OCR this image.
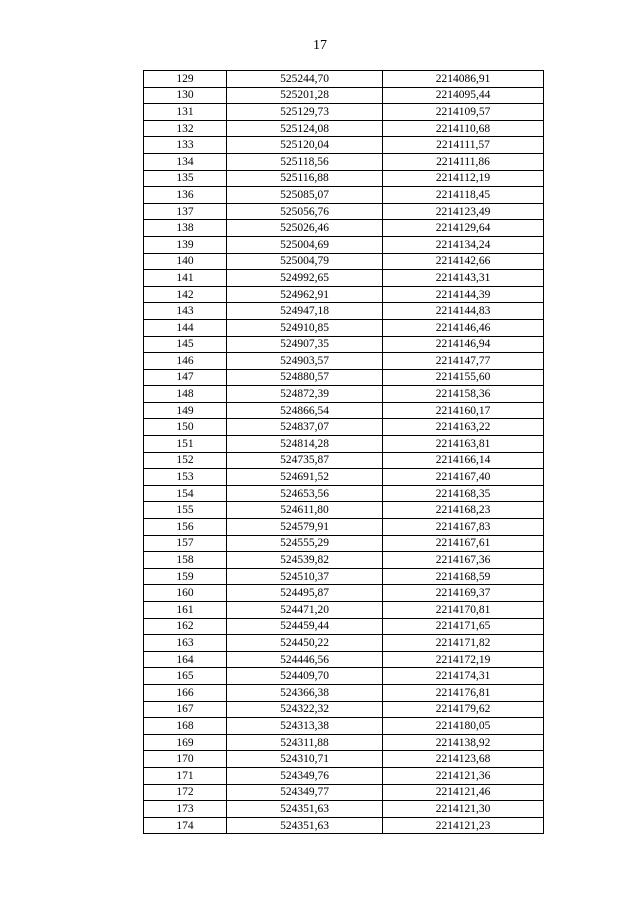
17
129	525244,70	2214086,91
130	525201,28	2214095,44
131	525129,73	2214109,57
132	525124,08	2214110,68
133	525120,04	2214111,57
134	525118,56	2214111,86
135	525116,88	2214112,19
136	525085,07	2214118,45
137	525056,76	2214123,49
138	525026,46	2214129,64
139	525004,69	2214134,24
140	525004,79	2214142,66
141	524992,65	2214143,31
142	524962,91	2214144,39
143	524947,18	2214144,83
144	524910,85	2214146,46
145	524907,35	2214146,94
146	524903,57	2214147,77
147	524880,57	2214155,60
148	524872,39	2214158,36
149	524866,54	2214160,17
150	524837,07	2214163,22
151	524814,28	2214163,81
152	524735,87	2214166,14
153	524691,52	2214167,40
154	524653,56	2214168,35
155	524611,80	2214168,23
156	524579,91	2214167,83
157	524555,29	2214167,61
158	524539,82	2214167,36
159	524510,37	2214168,59
160	524495,87	2214169,37
161	524471,20	2214170,81
162	524459,44	2214171,65
163	524450,22	2214171,82
164	524446,56	2214172,19
165	524409,70	2214174,31
166	524366,38	2214176,81
167	524322,32	2214179,62
168	524313,38	2214180,05
169	524311,88	2214138,92
170	524310,71	2214123,68
171	524349,76	2214121,36
172	524349,77	2214121,46
173	524351,63	2214121,30
174	524351,63	2214121,23
